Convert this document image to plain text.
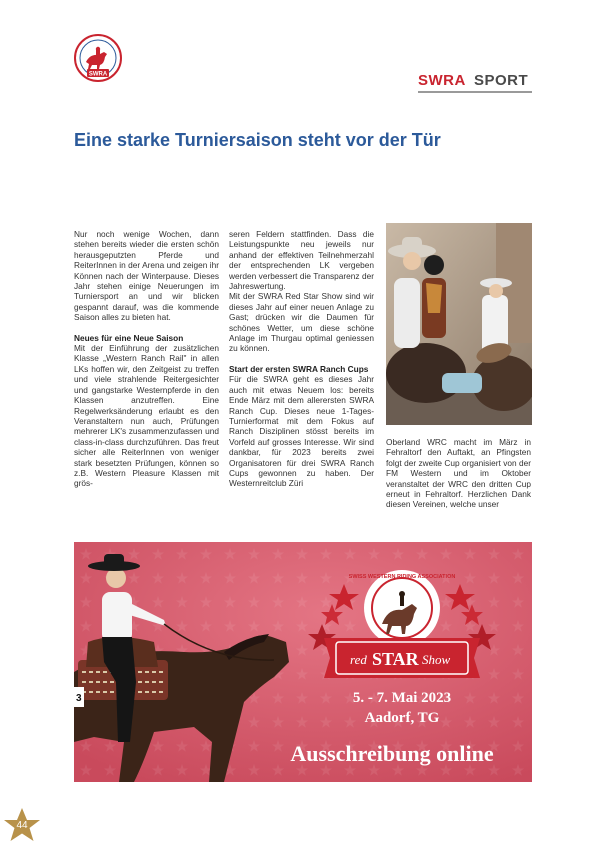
SWRA	SWRA SPORT
Eine starke Turniersaison steht vor der Tür

Nur noch wenige Wochen, dann stehen bereits wieder die ersten schön herausgeputzten Pferde und ReiterInnen in der Arena und zeigen ihr Können nach der Winterpause. Dieses Jahr stehen einige Neuerungen im Turniersport an und wir blicken gespannt darauf, was die kommende Saison alles zu bieten hat.

Neues für eine Neue Saison

Mit der Einführung der zusätzlichen Klasse „Western Ranch Rail" in allen LKs hoffen wir, den Zeitgeist zu treffen und viele strahlende Reitergesichter und gangstarke Westernpferde in den Klassen anzutreffen. Eine Regelwerksänderung erlaubt es den Veranstaltern nun auch, Prüfungen mehrerer LK's zusammenzufassen und class-in-class durchzuführen. Das freut sicher alle ReiterInnen von weniger stark besetzten Prüfungen, können so z.B. Western Pleasure Klassen mit grös-

seren Feldern stattfinden. Dass die Leistungspunkte neu jeweils nur anhand der effektiven Teilnehmerzahl der entsprechenden LK vergeben werden verbessert die Transparenz der Jahreswertung.

Mit der SWRA Red Star Show sind wir dieses Jahr auf einer neuen Anlage zu Gast; drücken wir die Daumen für schönes Wetter, um diese schöne Anlage im Thurgau optimal geniessen zu können.

Start der ersten SWRA Ranch Cups

Für die SWRA geht es dieses Jahr auch mit etwas Neuem los: bereits Ende März mit dem allerersten SWRA Ranch Cup. Dieses neue 1-Tages-Turnierformat mit dem Fokus auf Ranch Disziplinen stösst bereits im Vorfeld auf grosses Interesse. Wir sind dankbar, für 2023 bereits zwei Organisatoren für drei SWRA Ranch Cups gewonnen zu haben. Der Westernreitclub Züri

Oberland WRC macht im März in Fehraltorf den Auftakt, an Pfingsten folgt der zweite Cup organisiert von der FM Western und im Oktober veranstaltet der WRC den dritten Cup erneut in Fehraltorf. Herzlichen Dank diesen Vereinen, welche unser

3
SWISS WESTERN RIDING ASSOCIATION
red STAR Show
5. - 7. Mai 2023
Aadorf, TG
Ausschreibung online
44
